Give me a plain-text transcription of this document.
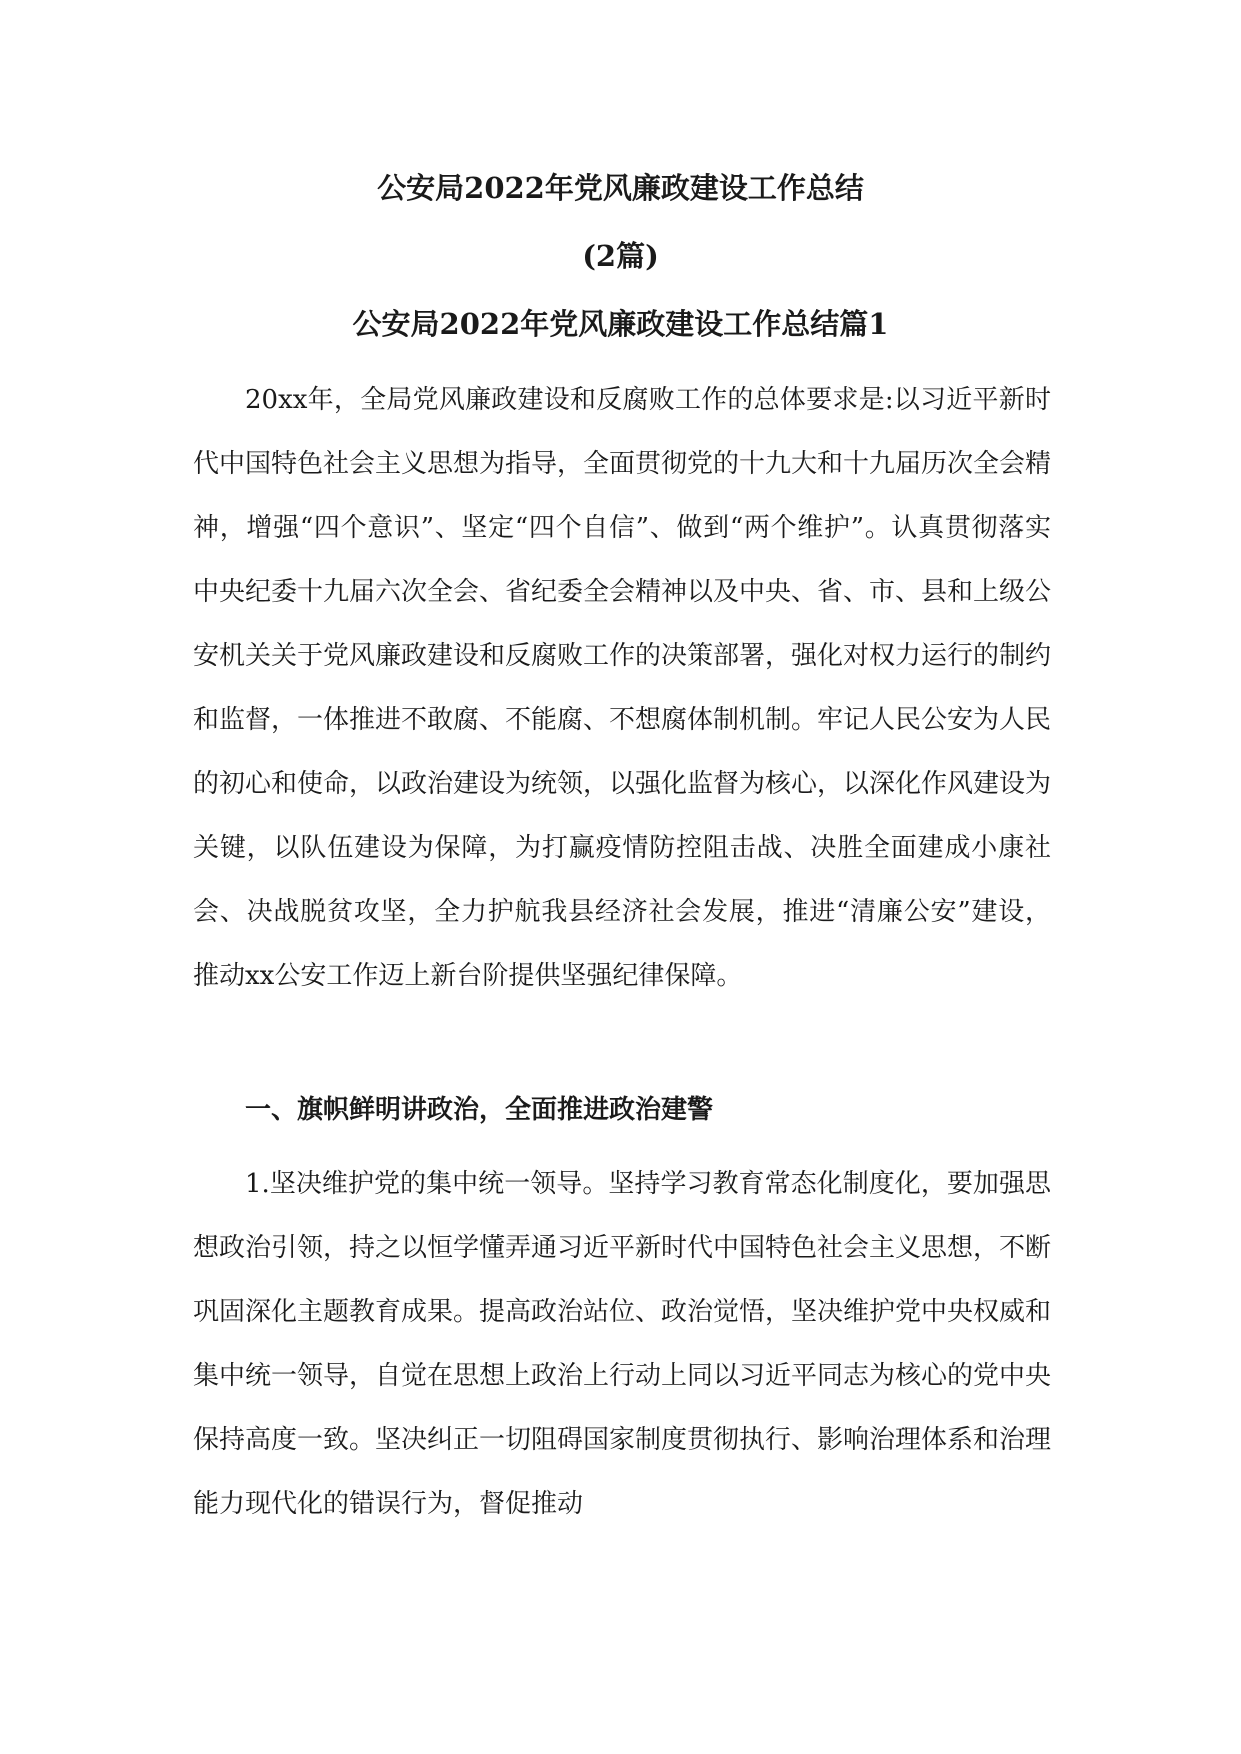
公安局2022年党风廉政建设工作总结
(2篇)
公安局2022年党风廉政建设工作总结篇1

20xx年，全局党风廉政建设和反腐败工作的总体要求是:以习近平新时代中国特色社会主义思想为指导，全面贯彻党的十九大和十九届历次全会精神，增强“四个意识”、坚定“四个自信”、做到“两个维护”。认真贯彻落实中央纪委十九届六次全会、省纪委全会精神以及中央、省、市、县和上级公安机关关于党风廉政建设和反腐败工作的决策部署，强化对权力运行的制约和监督，一体推进不敢腐、不能腐、不想腐体制机制。牢记人民公安为人民的初心和使命，以政治建设为统领，以强化监督为核心，以深化作风建设为关键，以队伍建设为保障，为打赢疫情防控阻击战、决胜全面建成小康社会、决战脱贫攻坚，全力护航我县经济社会发展，推进“清廉公安”建设，推动xx公安工作迈上新台阶提供坚强纪律保障。

一、旗帜鲜明讲政治，全面推进政治建警

1.坚决维护党的集中统一领导。坚持学习教育常态化制度化，要加强思想政治引领，持之以恒学懂弄通习近平新时代中国特色社会主义思想，不断巩固深化主题教育成果。提高政治站位、政治觉悟，坚决维护党中央权威和集中统一领导，自觉在思想上政治上行动上同以习近平同志为核心的党中央保持高度一致。坚决纠正一切阻碍国家制度贯彻执行、影响治理体系和治理能力现代化的错误行为，督促推动
